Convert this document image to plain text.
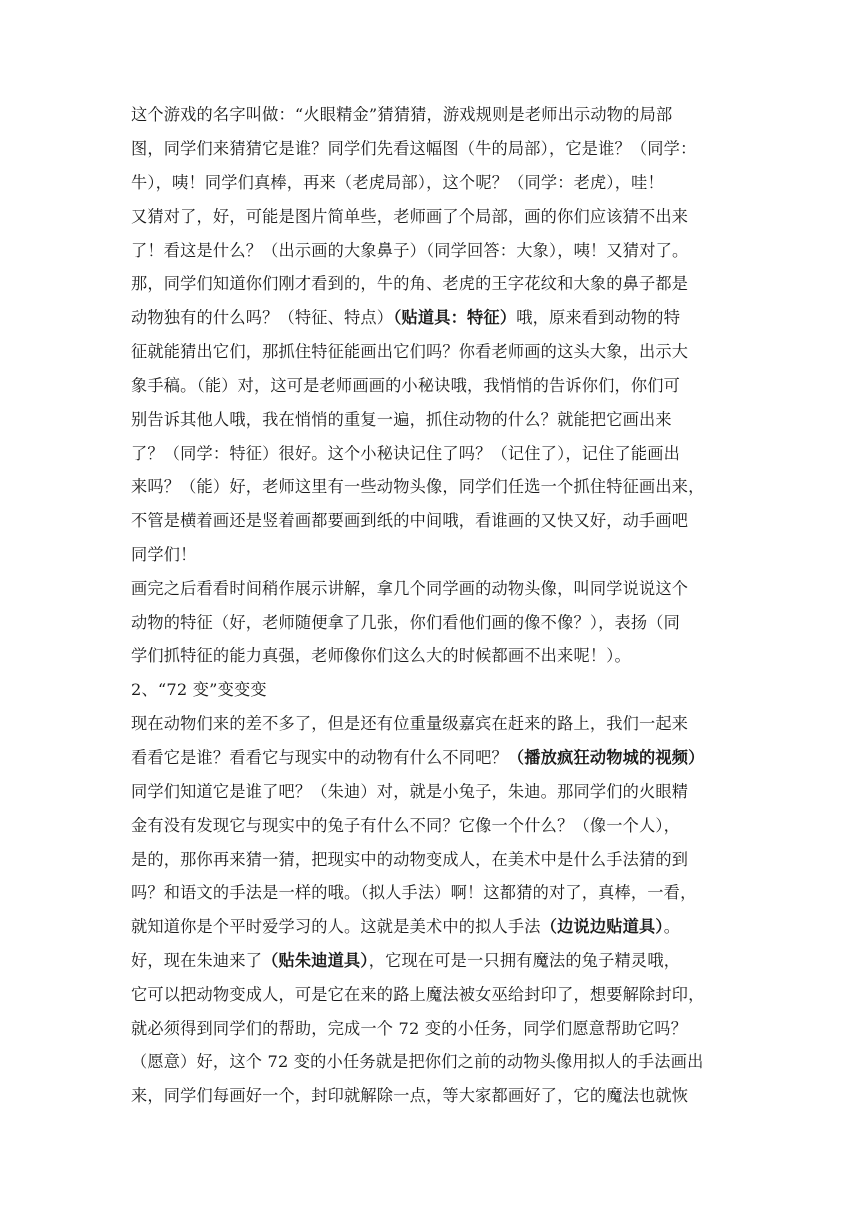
这个游戏的名字叫做：“火眼精金”猜猜猜，游戏规则是老师出示动物的局部
图，同学们来猜猜它是谁？同学们先看这幅图（牛的局部），它是谁？（同学：
牛），咦！同学们真棒，再来（老虎局部），这个呢？（同学：老虎），哇！
又猜对了，好，可能是图片简单些，老师画了个局部，画的你们应该猜不出来
了！看这是什么？（出示画的大象鼻子）（同学回答：大象），咦！又猜对了。
那，同学们知道你们刚才看到的，牛的角、老虎的王字花纹和大象的鼻子都是
动物独有的什么吗？（特征、特点）（贴道具：特征）哦，原来看到动物的特
征就能猜出它们，那抓住特征能画出它们吗？你看老师画的这头大象，出示大
象手稿。（能）对，这可是老师画画的小秘诀哦，我悄悄的告诉你们，你们可
别告诉其他人哦，我在悄悄的重复一遍，抓住动物的什么？就能把它画出来
了？（同学：特征）很好。这个小秘诀记住了吗？（记住了），记住了能画出
来吗？（能）好，老师这里有一些动物头像，同学们任选一个抓住特征画出来，
不管是横着画还是竖着画都要画到纸的中间哦，看谁画的又快又好，动手画吧
同学们！
画完之后看看时间稍作展示讲解，拿几个同学画的动物头像，叫同学说说这个
动物的特征（好，老师随便拿了几张，你们看他们画的像不像？），表扬（同
学们抓特征的能力真强，老师像你们这么大的时候都画不出来呢！）。
2、“72 变”变变变
现在动物们来的差不多了，但是还有位重量级嘉宾在赶来的路上，我们一起来
看看它是谁？看看它与现实中的动物有什么不同吧？（播放疯狂动物城的视频）
同学们知道它是谁了吧？（朱迪）对，就是小兔子，朱迪。那同学们的火眼精
金有没有发现它与现实中的兔子有什么不同？它像一个什么？（像一个人），
是的，那你再来猜一猜，把现实中的动物变成人，在美术中是什么手法猜的到
吗？和语文的手法是一样的哦。（拟人手法）啊！这都猜的对了，真棒，一看，
就知道你是个平时爱学习的人。这就是美术中的拟人手法（边说边贴道具）。
好，现在朱迪来了（贴朱迪道具），它现在可是一只拥有魔法的兔子精灵哦，
它可以把动物变成人，可是它在来的路上魔法被女巫给封印了，想要解除封印，
就必须得到同学们的帮助，完成一个 72 变的小任务，同学们愿意帮助它吗？
（愿意）好，这个 72 变的小任务就是把你们之前的动物头像用拟人的手法画出
来，同学们每画好一个，封印就解除一点，等大家都画好了，它的魔法也就恢
